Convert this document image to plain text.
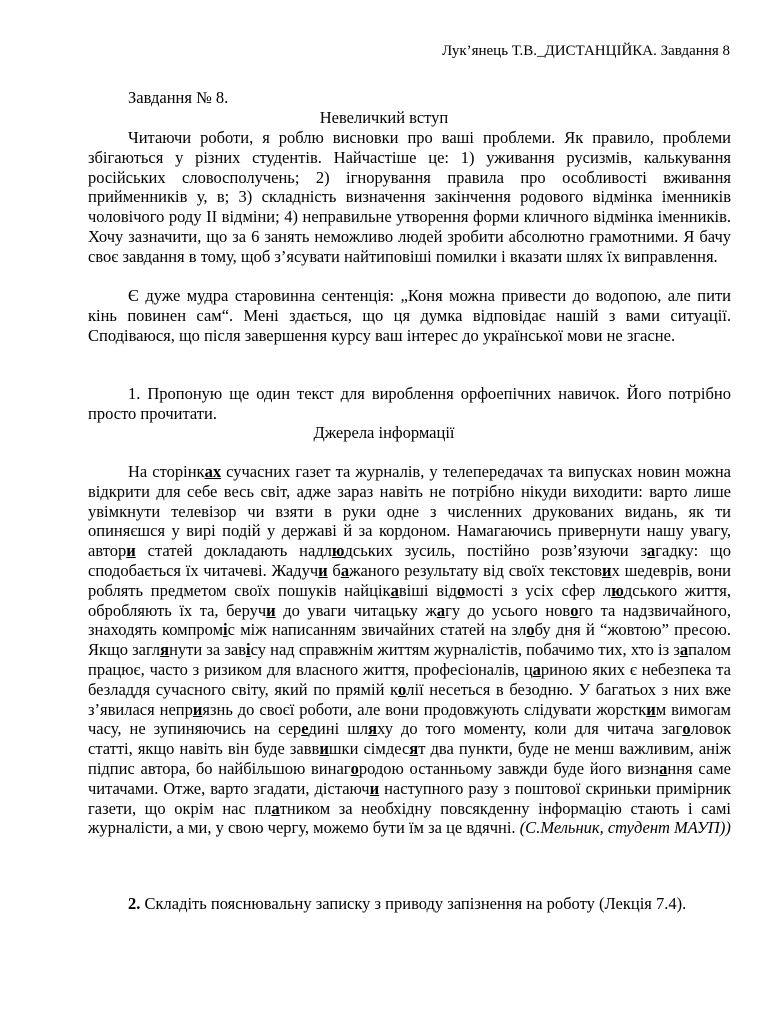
Лук’янець Т.В._ДИСТАНЦІЙКА. Завдання 8
Завдання № 8.
Невеличкий вступ
Читаючи роботи, я роблю висновки про ваші проблеми. Як правило, проблеми збігаються у різних студентів. Найчастіше це: 1) уживання русизмів, калькування російських словосполучень; 2) ігнорування правила про особливості вживання прийменників у, в; 3) складність визначення закінчення родового відмінка іменників чоловічого роду ІІ відміни; 4) неправильне утворення форми кличного відмінка іменників. Хочу зазначити, що за 6 занять неможливо людей зробити абсолютно грамотними. Я бачу своє завдання в тому, щоб з’ясувати найтиповіші помилки і вказати шлях їх виправлення.
Є дуже мудра старовинна сентенція: „Коня можна привести до водопою, але пити кінь повинен сам“. Мені здається, що ця думка відповідає нашій з вами ситуації. Сподіваюся, що після завершення курсу ваш інтерес до української мови не згасне.
1. Пропоную ще один текст для вироблення орфоепічних навичок. Його потрібно просто прочитати.
Джерела інформації
На сторінках сучасних газет та журналів, у телепередачах та випусках новин можна відкрити для себе весь світ, адже зараз навіть не потрібно нікуди виходити: варто лише увімкнути телевізор чи взяти в руки одне з численних друкованих видань, як ти опиняєшся у вирі подій у державі й за кордоном. Намагаючись привернути нашу увагу, автори статей докладають надлюдських зусиль, постійно розв’язуючи загадку: що сподобається їх читачеві. Жадучи бажаного результату від своїх текстових шедеврів, вони роблять предметом своїх пошуків найцікавіші відомості з усіх сфер людського життя, обробляють їх та, беручи до уваги читацьку жагу до усього нового та надзвичайного, знаходять компроміс між написанням звичайних статей на злобу дня й “жовтою” пресою. Якщо заглянути за завісу над справжнім життям журналістів, побачимо тих, хто із запалом працює, часто з ризиком для власного життя, професіоналів, цариною яких є небезпека та безладдя сучасного світу, який по прямій колії несеться в безодню. У багатьох з них вже з’явилася неприязнь до своєї роботи, але вони продовжують слідувати жорстким вимогам часу, не зупиняючись на середині шляху до того моменту, коли для читача заголовок статті, якщо навіть він буде заввишки сімдесят два пункти, буде не менш важливим, аніж підпис автора, бо найбільшою винагородою останньому завжди буде його визнання саме читачами. Отже, варто згадати, дістаючи наступного разу з поштової скриньки примірник газети, що окрім нас платником за необхідну повсякденну інформацію стають і самі журналісти, а ми, у свою чергу, можемо бути їм за це вдячні. (С.Мельник, студент МАУП))
2. Складіть пояснювальну записку з приводу запізнення на роботу (Лекція 7.4).
